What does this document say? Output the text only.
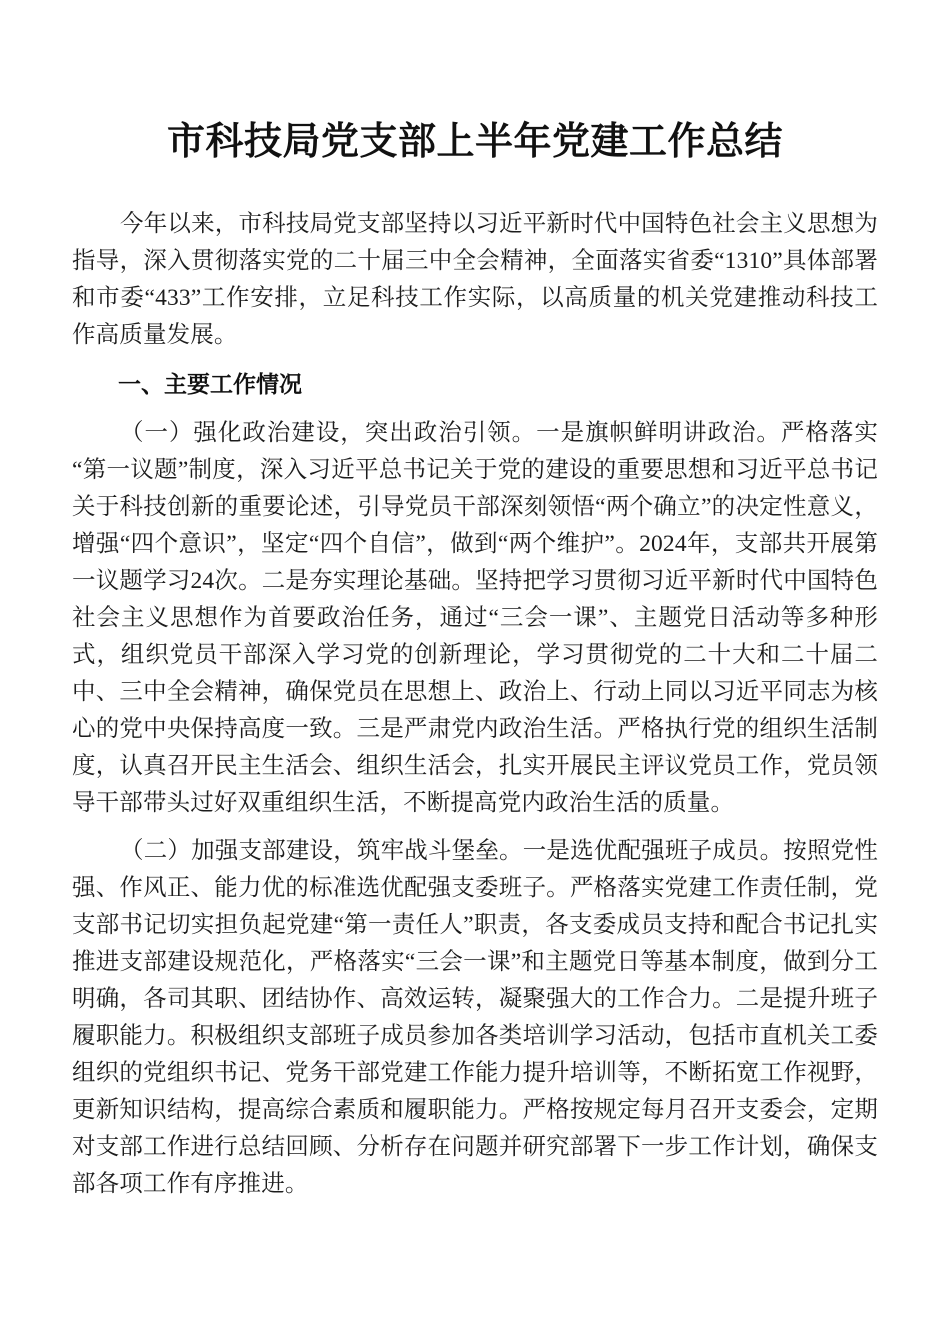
市科技局党支部上半年党建工作总结

今年以来，市科技局党支部坚持以习近平新时代中国特色社会主义思想为指导，深入贯彻落实党的二十届三中全会精神，全面落实省委“1310”具体部署和市委“433”工作安排，立足科技工作实际，以高质量的机关党建推动科技工作高质量发展。

一、主要工作情况

（一）强化政治建设，突出政治引领。一是旗帜鲜明讲政治。严格落实“第一议题”制度，深入习近平总书记关于党的建设的重要思想和习近平总书记关于科技创新的重要论述，引导党员干部深刻领悟“两个确立”的决定性意义，增强“四个意识”，坚定“四个自信”，做到“两个维护”。2024年，支部共开展第一议题学习24次。二是夯实理论基础。坚持把学习贯彻习近平新时代中国特色社会主义思想作为首要政治任务，通过“三会一课”、主题党日活动等多种形式，组织党员干部深入学习党的创新理论，学习贯彻党的二十大和二十届二中、三中全会精神，确保党员在思想上、政治上、行动上同以习近平同志为核心的党中央保持高度一致。三是严肃党内政治生活。严格执行党的组织生活制度，认真召开民主生活会、组织生活会，扎实开展民主评议党员工作，党员领导干部带头过好双重组织生活，不断提高党内政治生活的质量。

（二）加强支部建设，筑牢战斗堡垒。一是选优配强班子成员。按照党性强、作风正、能力优的标准选优配强支委班子。严格落实党建工作责任制，党支部书记切实担负起党建“第一责任人”职责，各支委成员支持和配合书记扎实推进支部建设规范化，严格落实“三会一课”和主题党日等基本制度，做到分工明确，各司其职、团结协作、高效运转，凝聚强大的工作合力。二是提升班子履职能力。积极组织支部班子成员参加各类培训学习活动，包括市直机关工委组织的党组织书记、党务干部党建工作能力提升培训等，不断拓宽工作视野，更新知识结构，提高综合素质和履职能力。严格按规定每月召开支委会，定期对支部工作进行总结回顾、分析存在问题并研究部署下一步工作计划，确保支部各项工作有序推进。
